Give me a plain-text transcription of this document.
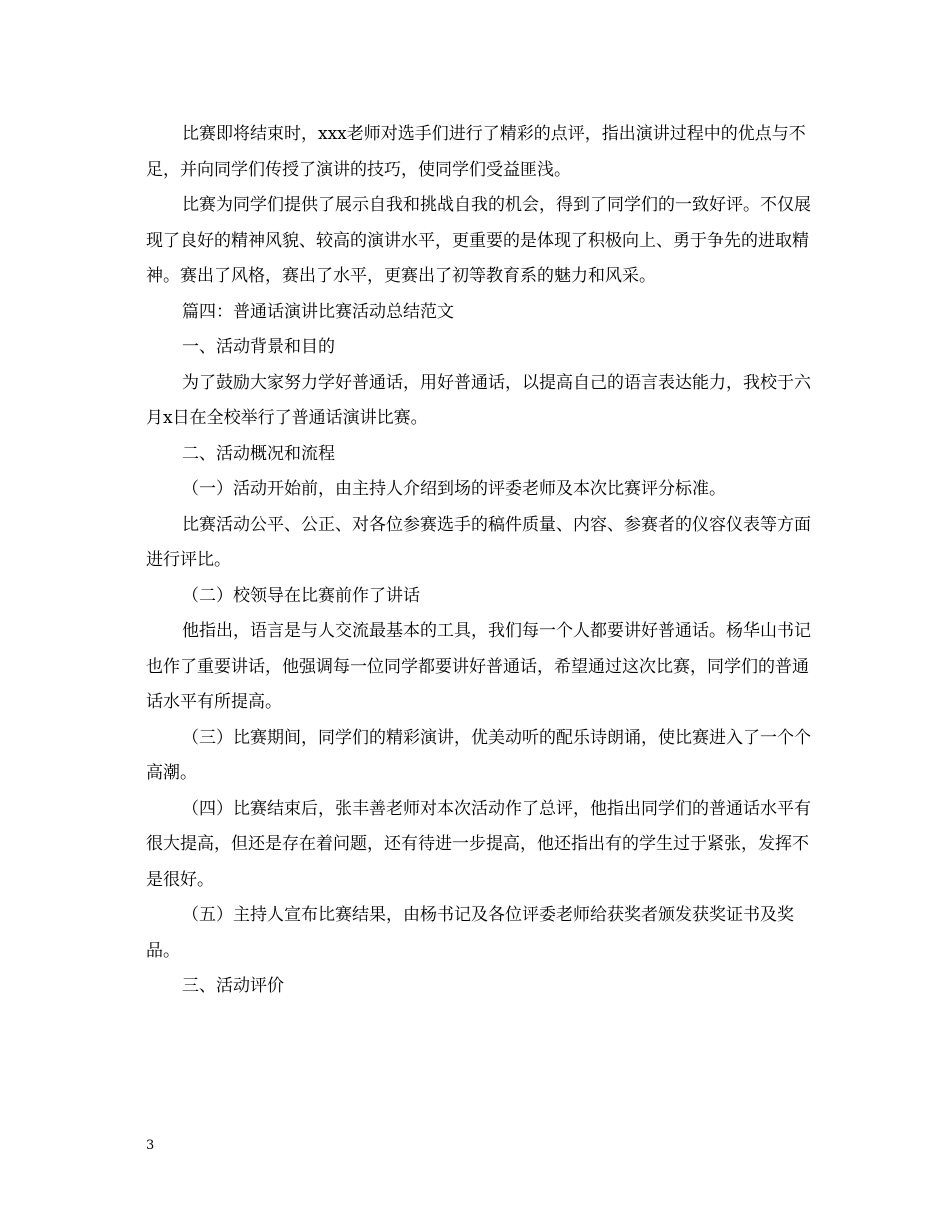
比赛即将结束时，xxx老师对选手们进行了精彩的点评，指出演讲过程中的优点与不足，并向同学们传授了演讲的技巧，使同学们受益匪浅。

比赛为同学们提供了展示自我和挑战自我的机会，得到了同学们的一致好评。不仅展现了良好的精神风貌、较高的演讲水平，更重要的是体现了积极向上、勇于争先的进取精神。赛出了风格，赛出了水平，更赛出了初等教育系的魅力和风采。

篇四：普通话演讲比赛活动总结范文

一、活动背景和目的

为了鼓励大家努力学好普通话，用好普通话，以提高自己的语言表达能力，我校于六月x日在全校举行了普通话演讲比赛。

二、活动概况和流程

（一）活动开始前，由主持人介绍到场的评委老师及本次比赛评分标准。

比赛活动公平、公正、对各位参赛选手的稿件质量、内容、参赛者的仪容仪表等方面进行评比。

（二）校领导在比赛前作了讲话

他指出，语言是与人交流最基本的工具，我们每一个人都要讲好普通话。杨华山书记也作了重要讲话，他强调每一位同学都要讲好普通话，希望通过这次比赛，同学们的普通话水平有所提高。

（三）比赛期间，同学们的精彩演讲，优美动听的配乐诗朗诵，使比赛进入了一个个高潮。

（四）比赛结束后，张丰善老师对本次活动作了总评，他指出同学们的普通话水平有很大提高，但还是存在着问题，还有待进一步提高，他还指出有的学生过于紧张，发挥不是很好。

（五）主持人宣布比赛结果，由杨书记及各位评委老师给获奖者颁发获奖证书及奖品。

三、活动评价

3
